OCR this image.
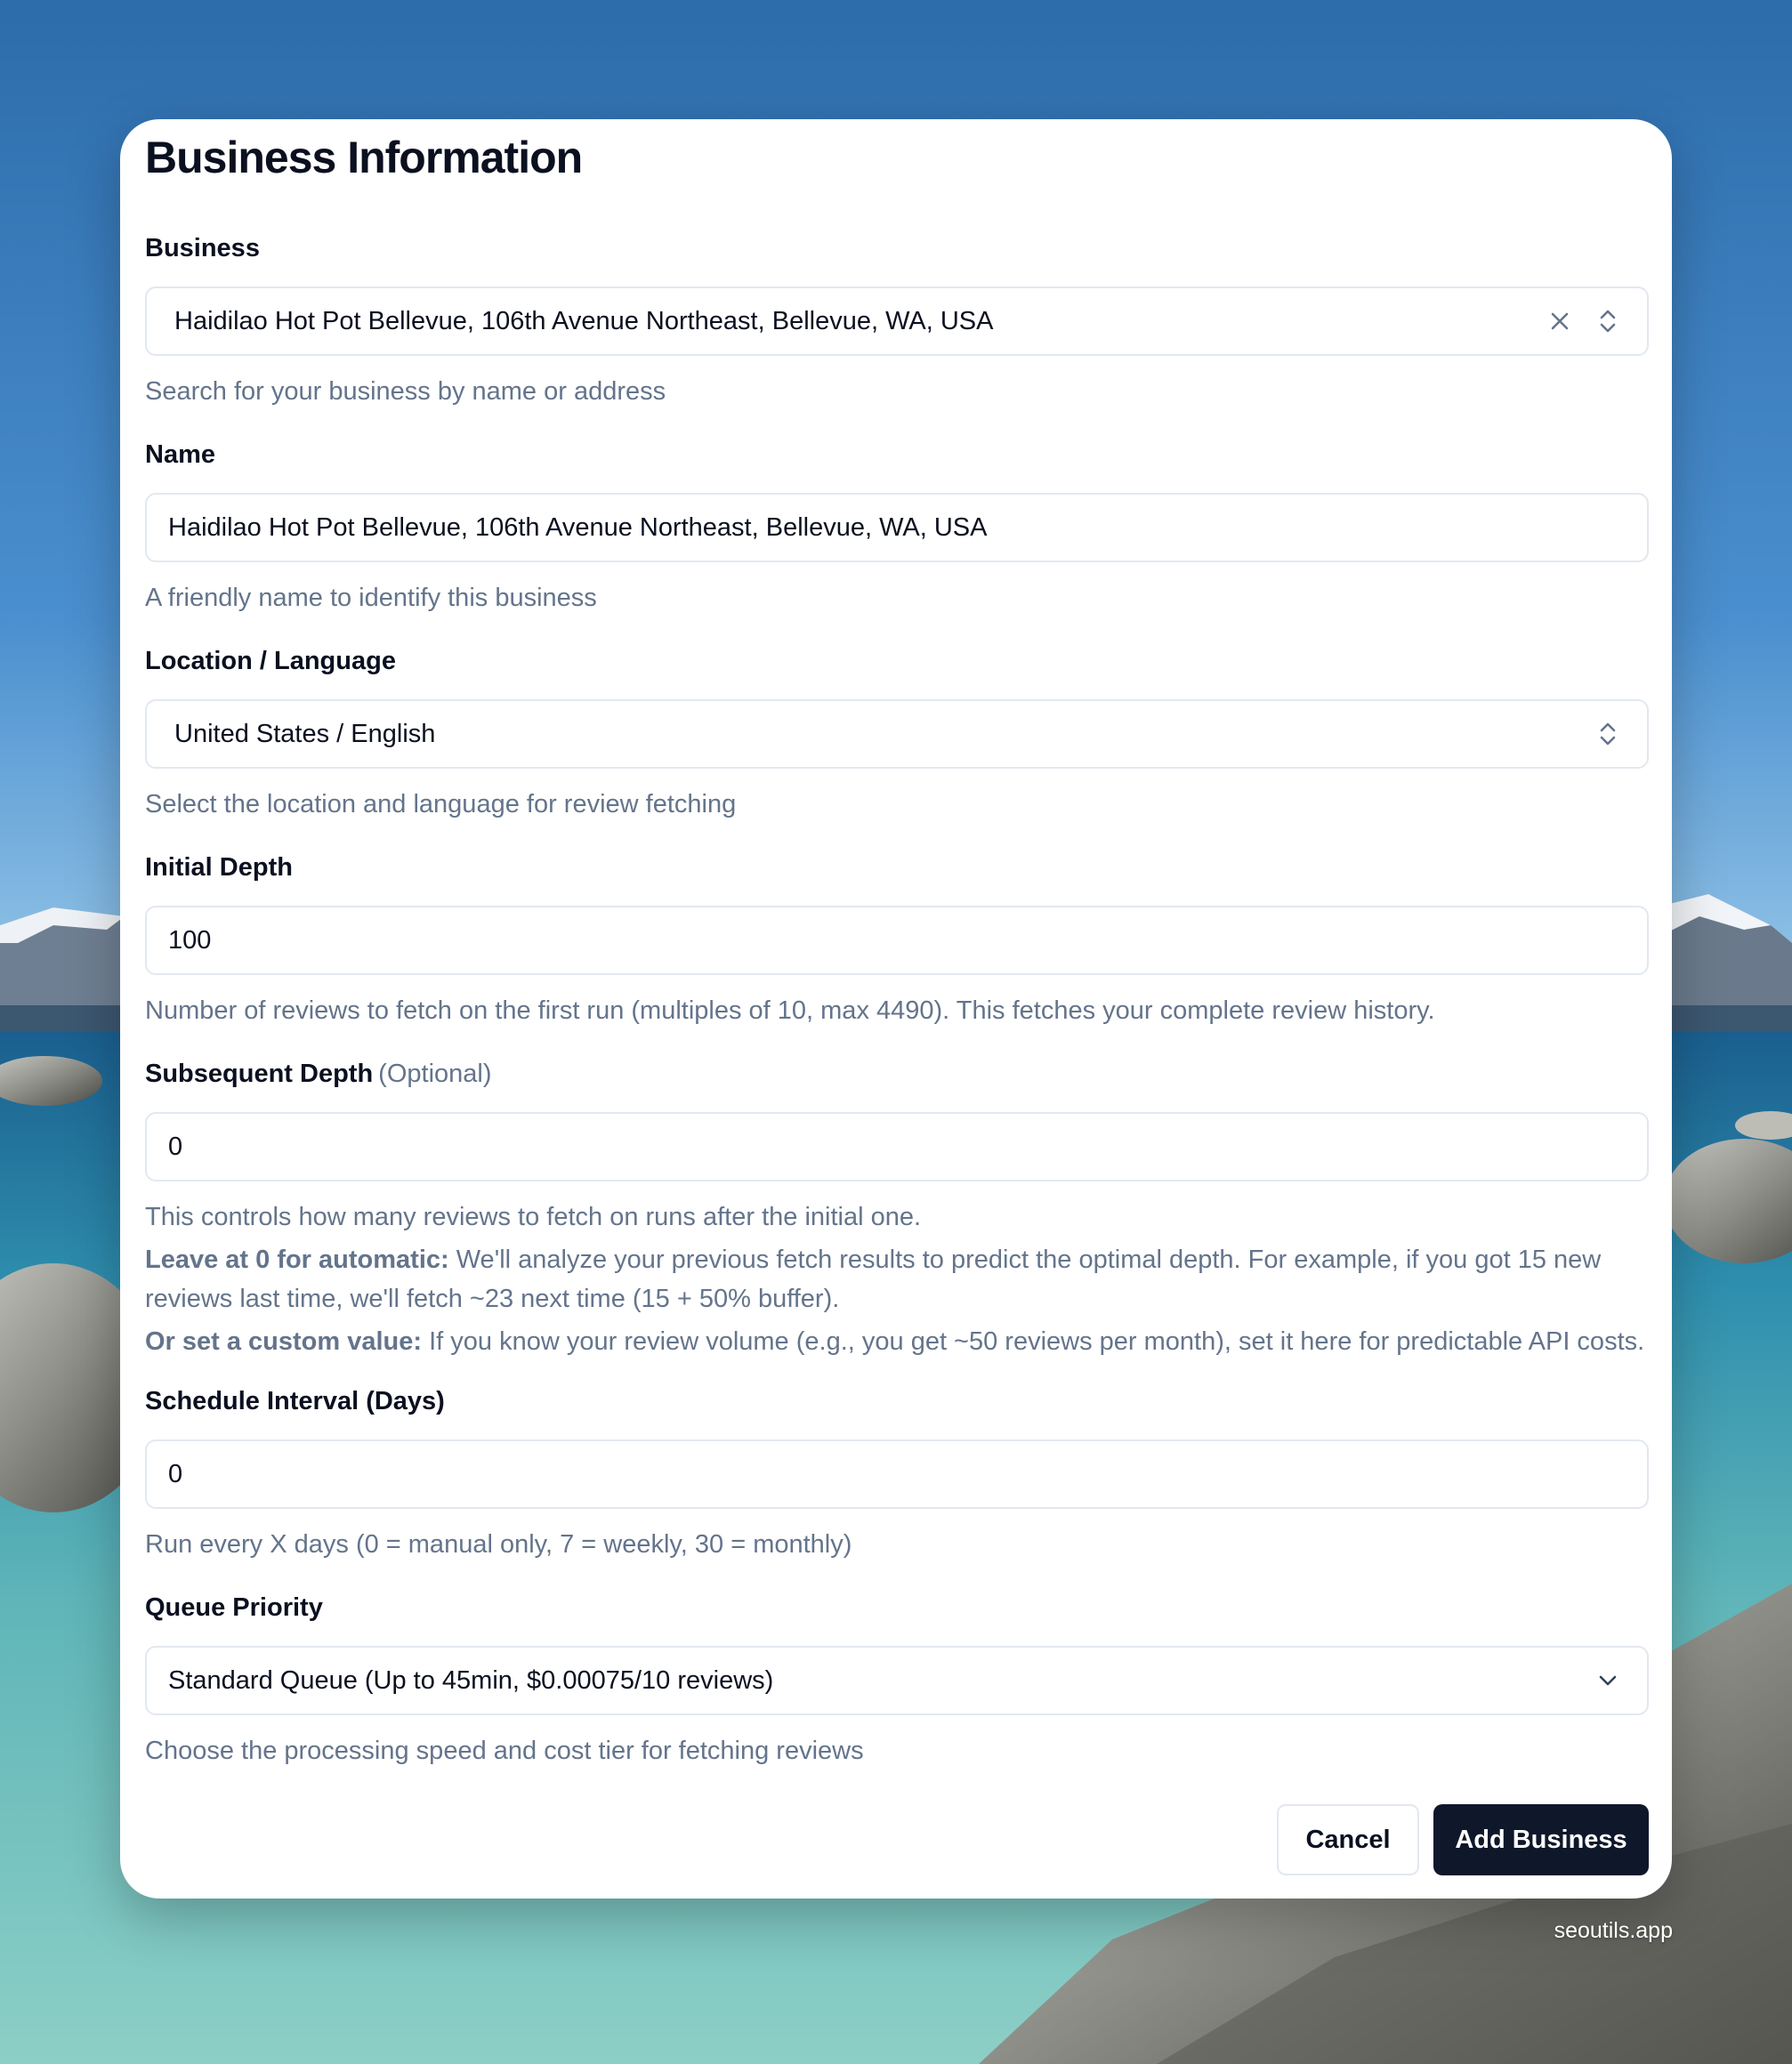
Business Information
Business
Haidilao Hot Pot Bellevue, 106th Avenue Northeast, Bellevue, WA, USA
Search for your business by name or address
Name
Haidilao Hot Pot Bellevue, 106th Avenue Northeast, Bellevue, WA, USA
A friendly name to identify this business
Location / Language
United States / English
Select the location and language for review fetching
Initial Depth
100
Number of reviews to fetch on the first run (multiples of 10, max 4490). This fetches your complete review history.
Subsequent Depth (Optional)
0

This controls how many reviews to fetch on runs after the initial one.

Leave at 0 for automatic: We'll analyze your previous fetch results to predict the optimal depth. For example, if you got 15 new reviews last time, we'll fetch ~23 next time (15 + 50% buffer).

Or set a custom value: If you know your review volume (e.g., you get ~50 reviews per month), set it here for predictable API costs.

Schedule Interval (Days)
0
Run every X days (0 = manual only, 7 = weekly, 30 = monthly)
Queue Priority
Standard Queue (Up to 45min, $0.00075/10 reviews)
Choose the processing speed and cost tier for fetching reviews
Cancel	Add Business
seoutils.app
